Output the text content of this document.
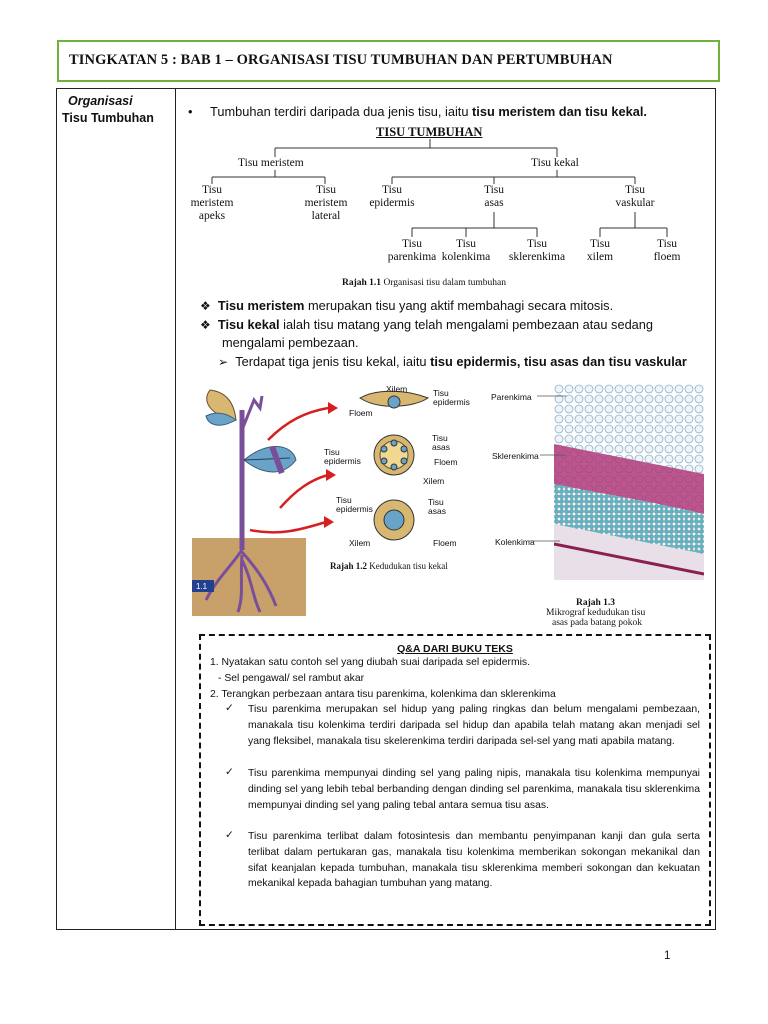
TINGKATAN 5 : BAB 1 – ORGANISASI TISU TUMBUHAN DAN PERTUMBUHAN
Organisasi
Tisu Tumbuhan	• Tumbuhan terdiri daripada dua jenis tisu, iaitu tisu meristem dan tisu kekal.
TISU TUMBUHAN
Tisu meristem	Tisu kekal
Tisu
meristem
apeks
Tisu
meristem
lateral
Tisu
epidermis
Tisu
asas
Tisu
vaskular
Tisu
parenkima
Tisu
kolenkima
Tisu
sklerenkima
Tisu
xilem
Tisu
floem
Rajah 1.1 Organisasi tisu dalam tumbuhan
❖ Tisu meristem merupakan tisu yang aktif membahagi secara mitosis.
❖ Tisu kekal ialah tisu matang yang telah mengalami pembezaan atau sedang
mengalami pembezaan.
➢ Terdapat tiga jenis tisu kekal, iaitu tisu epidermis, tisu asas dan tisu vaskular
1.1
Xilem	Tisu
epidermis
Floem
Tisu
epidermis
Tisu
asas
Floem
Xilem
Tisu
epidermis
Tisu
asas
Xilem	Floem
Rajah 1.2 Kedudukan tisu kekal
Parenkima
Sklerenkima
Kolenkima
Rajah 1.3
Mikrograf kedudukan tisu
asas pada batang pokok
Q&A DARI BUKU TEKS
1. Nyatakan satu contoh sel yang diubah suai daripada sel epidermis.
- Sel pengawal/ sel rambut akar
2. Terangkan perbezaan antara tisu parenkima, kolenkima dan sklerenkima
✓ Tisu parenkima merupakan sel hidup yang paling ringkas dan belum mengalami pembezaan, manakala tisu kolenkima terdiri daripada sel hidup dan apabila telah matang akan menjadi sel yang fleksibel, manakala tisu skelerenkima terdiri daripada sel-sel yang mati apabila matang.
✓ Tisu parenkima mempunyai dinding sel yang paling nipis, manakala tisu kolenkima mempunyai dinding sel yang lebih tebal berbanding dengan dinding sel parenkima, manakala tisu sklerenkima mempunyai dinding sel yang paling tebal antara semua tisu asas.
✓ Tisu parenkima terlibat dalam fotosintesis dan membantu penyimpanan kanji dan gula serta terlibat dalam pertukaran gas, manakala tisu kolenkima memberikan sokongan mekanikal dan sifat keanjalan kepada tumbuhan, manakala tisu sklerenkima memberi sokongan dan kekuatan mekanikal kepada bahagian tumbuhan yang matang.
1
